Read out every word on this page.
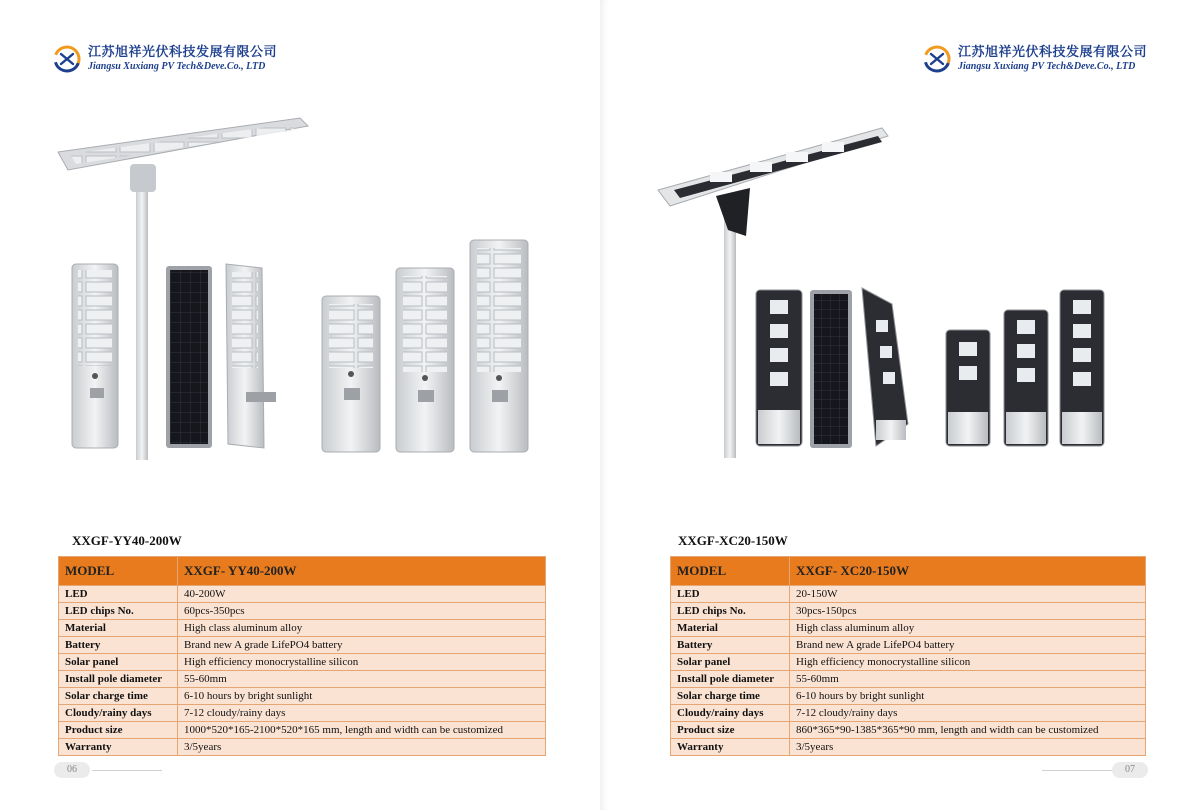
江苏旭祥光伏科技发展有限公司
Jiangsu Xuxiang PV Tech&Deve.Co., LTD
XXGF-YY40-200W
MODEL	XXGF- YY40-200W
LED	40-200W
LED chips No.	60pcs-350pcs
Material	High class aluminum alloy
Battery	Brand new A grade LifePO4 battery
Solar panel	High efficiency monocrystalline silicon
Install pole diameter	55-60mm
Solar charge time	6-10 hours by bright sunlight
Cloudy/rainy days	7-12 cloudy/rainy days
Product size	1000*520*165-2100*520*165 mm, length and width can be customized
Warranty	3/5years
06
江苏旭祥光伏科技发展有限公司
Jiangsu Xuxiang PV Tech&Deve.Co., LTD
XXGF-XC20-150W
MODEL	XXGF- XC20-150W
LED	20-150W
LED chips No.	30pcs-150pcs
Material	High class aluminum alloy
Battery	Brand new A grade LifePO4 battery
Solar panel	High efficiency monocrystalline silicon
Install pole diameter	55-60mm
Solar charge time	6-10 hours by bright sunlight
Cloudy/rainy days	7-12 cloudy/rainy days
Product size	860*365*90-1385*365*90 mm, length and width can be customized
Warranty	3/5years
07
